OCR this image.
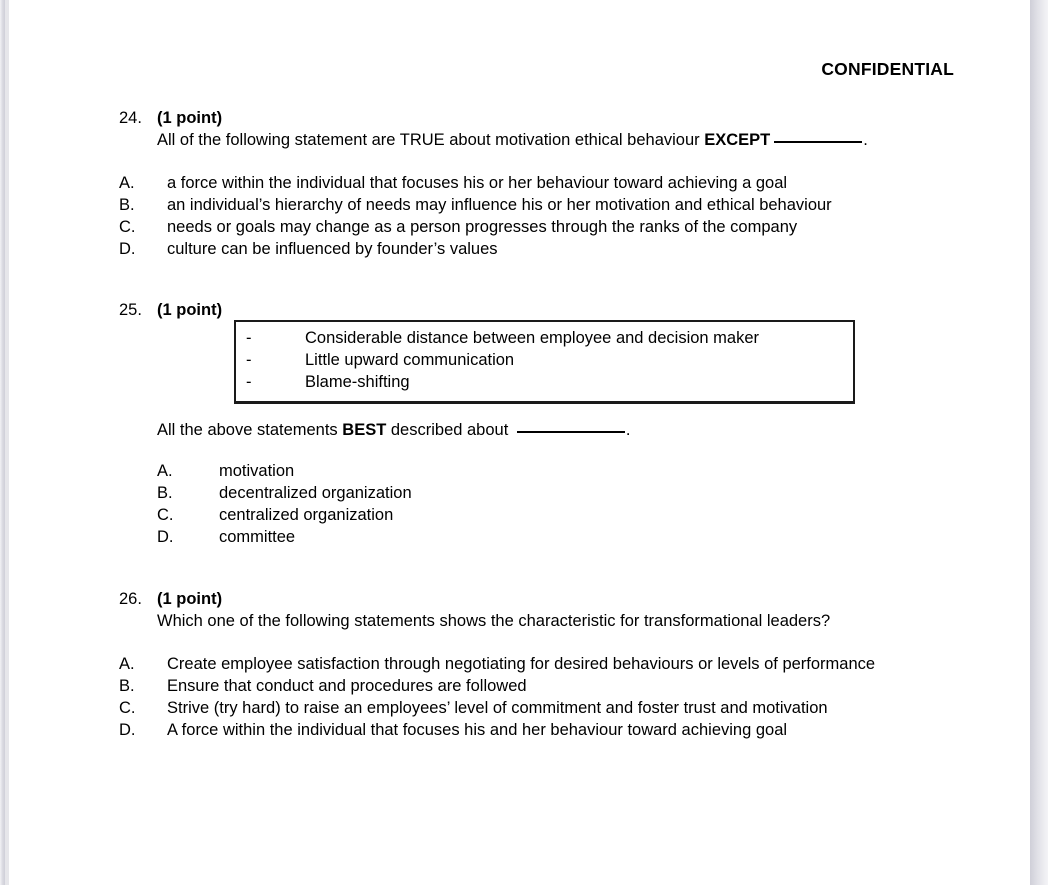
CONFIDENTIAL
24. (1 point)
All of the following statement are TRUE about motivation ethical behaviour EXCEPT	.
A. a force within the individual that focuses his or her behaviour toward achieving a goal
B. an individual’s hierarchy of needs may influence his or her motivation and ethical behaviour
C. needs or goals may change as a person progresses through the ranks of the company
D. culture can be influenced by founder’s values
25. (1 point)
-	Considerable distance between employee and decision maker
-	Little upward communication
-	Blame-shifting
All the above statements BEST described about	.
A.	motivation
B.	decentralized organization
C.	centralized organization
D.	committee
26. (1 point)
Which one of the following statements shows the characteristic for transformational leaders?
A. Create employee satisfaction through negotiating for desired behaviours or levels of performance
B. Ensure that conduct and procedures are followed
C. Strive (try hard) to raise an employees’ level of commitment and foster trust and motivation
D. A force within the individual that focuses his and her behaviour toward achieving goal
